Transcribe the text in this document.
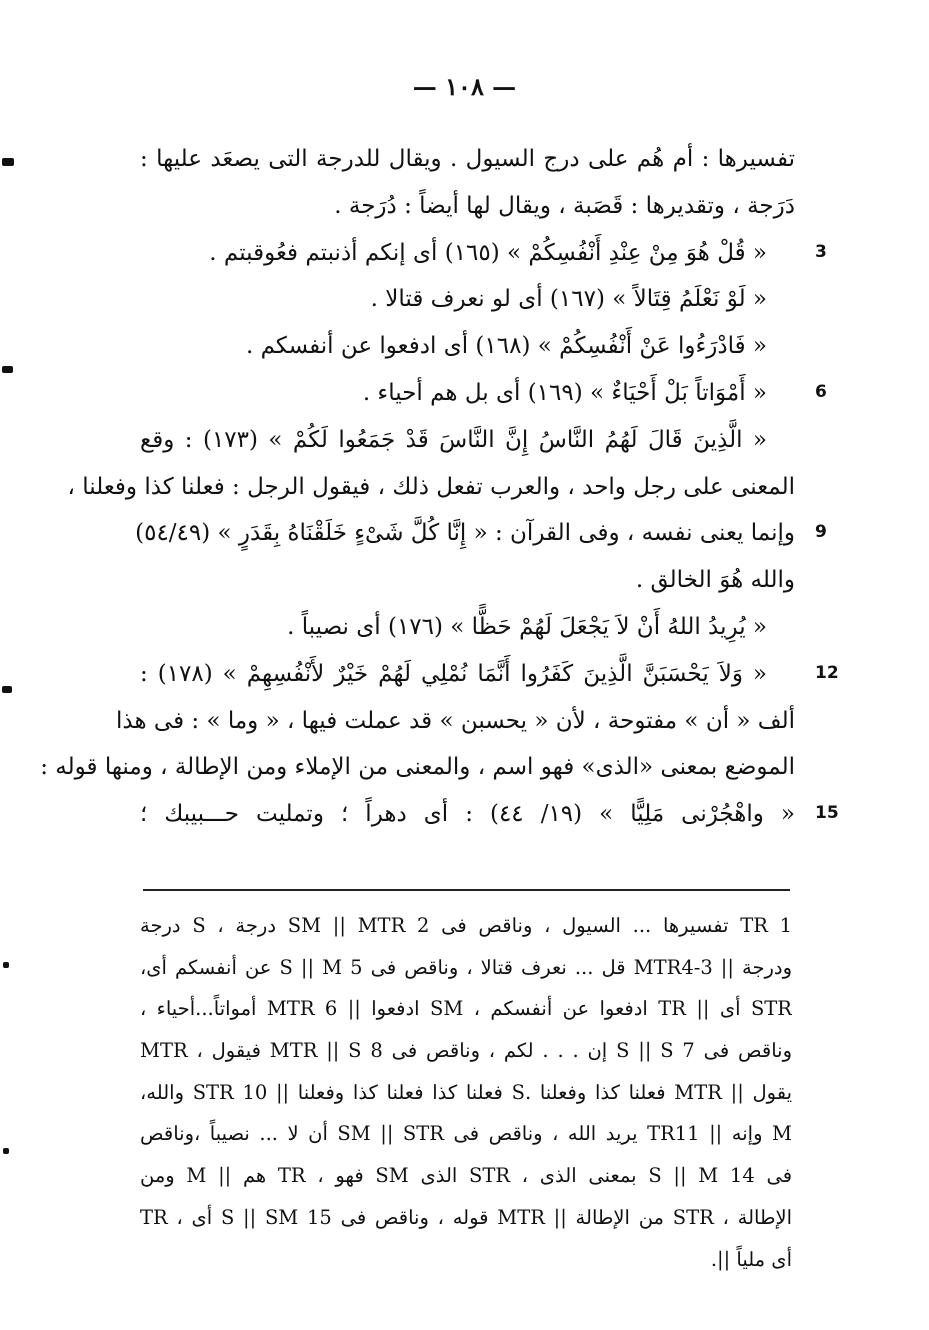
— ١٠٨ —
تفسيرها : أم هُم على درج السيول . ويقال للدرجة التى يصعَد عليها :
دَرَجة ، وتقديرها : قَصَبة ، ويقال لها أيضاً : دُرَجة .
« قُلْ هُوَ مِنْ عِنْدِ أَنْفُسِكُمْ » (١٦٥) أى إنكم أذنبتم فعُوقبتم .
« لَوْ نَعْلَمُ قِتَالاً » (١٦٧) أى لو نعرف قتالا .
« فَادْرَءُوا عَنْ أَنْفُسِكُمْ » (١٦٨) أى ادفعوا عن أنفسكم .
« أَمْوَاتاً بَلْ أَحْيَاءٌ » (١٦٩) أى بل هم أحياء .
« الَّذِينَ قَالَ لَهُمُ النَّاسُ إِنَّ النَّاسَ قَدْ جَمَعُوا لَكُمْ » (١٧٣) : وقع
المعنى على رجل واحد ، والعرب تفعل ذلك ، فيقول الرجل : فعلنا كذا وفعلنا ،
وإنما يعنى نفسه ، وفى القرآن : « إِنَّا كُلَّ شَىْءٍ خَلَقْنَاهُ بِقَدَرٍ » (٥٤/٤٩)
والله هُوَ الخالق .
« يُرِيدُ اللهُ أَنْ لاَ يَجْعَلَ لَهُمْ حَظًّا » (١٧٦) أى نصيباً .
« وَلاَ يَحْسَبَنَّ الَّذِينَ كَفَرُوا أَنَّمَا نُمْلِي لَهُمْ خَيْرٌ لأَنْفُسِهِمْ » (١٧٨) :
ألف « أن » مفتوحة ، لأن « يحسبن » قد عملت فيها ، « وما » : فى هذا
الموضع بمعنى «الذى» فهو اسم ، والمعنى من الإملاء ومن الإطالة ، ومنها قوله :
« واهْجُرْنى مَلِيًّا » (١٩/ ٤٤) : أى دهراً ؛ وتمليت حـــبيبك ؛
TR 1 تفسيرها ... السيول ، وناقص فى SM || MTR 2 درجة ، S درجة
ودرجة || MTR4-3 قل ... نعرف قتالا ، وناقص فى S || M 5 عن أنفسكم أى،
STR أى || TR ادفعوا عن أنفسكم ، SM ادفعوا || MTR 6 أمواتاً...أحياء ،
وناقص فى S || S 7 إن . . . لكم ، وناقص فى MTR || S 8 فيقول ، MTR
يقول || MTR فعلنا كذا وفعلنا .S فعلنا كذا فعلنا كذا وفعلنا || STR 10 والله،
M وإنه || TR11 يريد الله ، وناقص فى SM || STR أن لا ... نصيباً ،وناقص
فى S || M 14 بمعنى الذى ، STR الذى SM فهو ، TR هم || M ومن
الإطالة ، STR من الإطالة || MTR قوله ، وناقص فى S || SM 15 أى ، TR
أى ملياً ||.
3
6
9
12
15
